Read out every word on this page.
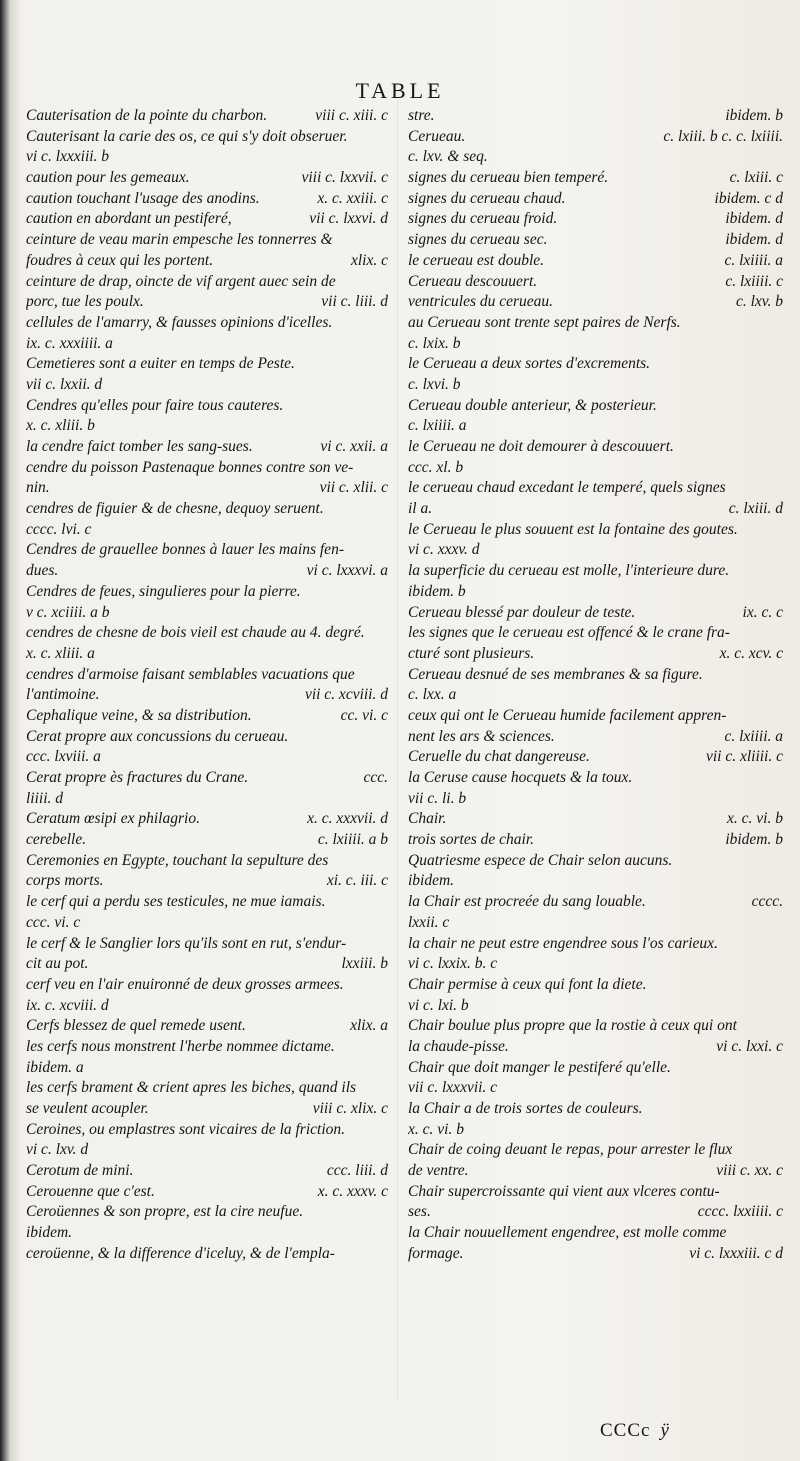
TABLE
Cauterisation de la pointe du charbon.	viii c. xiii. c
Cauterisant la carie des os, ce qui s'y doit obseruer.
vi c. lxxxiii. b
caution pour les gemeaux.	viii c. lxxvii. c
caution touchant l'usage des anodins.	x. c. xxiii. c
caution en abordant un pestiferé,	vii c. lxxvi. d
ceinture de veau marin empesche les tonnerres &
foudres à ceux qui les portent.	xlix. c
ceinture de drap, oincte de vif argent auec sein de
porc, tue les poulx.	vii c. liii. d
cellules de l'amarry, & fausses opinions d'icelles.
ix. c. xxxiiii. a
Cemetieres sont a euiter en temps de Peste.
vii c. lxxii. d
Cendres qu'elles pour faire tous cauteres.
x. c. xliii. b
la cendre faict tomber les sang-sues.	vi c. xxii. a
cendre du poisson Pastenaque bonnes contre son ve-
nin.	vii c. xlii. c
cendres de figuier & de chesne, dequoy seruent.
cccc. lvi. c
Cendres de grauellee bonnes à lauer les mains fen-
dues.	vi c. lxxxvi. a
Cendres de feues, singulieres pour la pierre.
v c. xciiii. a b
cendres de chesne de bois vieil est chaude au 4. degré.
x. c. xliii. a
cendres d'armoise faisant semblables vacuations que
l'antimoine.	vii c. xcviii. d
Cephalique veine, & sa distribution.	cc. vi. c
Cerat propre aux concussions du cerueau.
ccc. lxviii. a
Cerat propre ès fractures du Crane.	ccc.
liiii. d
Ceratum œsipi ex philagrio.	x. c. xxxvii. d
cerebelle.	c. lxiiii. a b
Ceremonies en Egypte, touchant la sepulture des
corps morts.	xi. c. iii. c
le cerf qui a perdu ses testicules, ne mue iamais.
ccc. vi. c
le cerf & le Sanglier lors qu'ils sont en rut, s'endur-
cit au pot.	lxxiii. b
cerf veu en l'air enuironné de deux grosses armees.
ix. c. xcviii. d
Cerfs blessez de quel remede usent.	xlix. a
les cerfs nous monstrent l'herbe nommee dictame.
ibidem. a
les cerfs brament & crient apres les biches, quand ils
se veulent acoupler.	viii c. xlix. c
Ceroines, ou emplastres sont vicaires de la friction.
vi c. lxv. d
Cerotum de mini.	ccc. liii. d
Cerouenne que c'est.	x. c. xxxv. c
Ceroüennes & son propre, est la cire neufue.
ibidem.
ceroüenne, & la difference d'iceluy, & de l'empla-
stre.	ibidem. b
Cerueau.	c. lxiii. b c. c. lxiiii.
c. lxv. & seq.
signes du cerueau bien temperé.	c. lxiii. c
signes du cerueau chaud.	ibidem. c d
signes du cerueau froid.	ibidem. d
signes du cerueau sec.	ibidem. d
le cerueau est double.	c. lxiiii. a
Cerueau descouuert.	c. lxiiii. c
ventricules du cerueau.	c. lxv. b
au Cerueau sont trente sept paires de Nerfs.
c. lxix. b
le Cerueau a deux sortes d'excrements.
c. lxvi. b
Cerueau double anterieur, & posterieur.
c. lxiiii. a
le Cerueau ne doit demourer à descouuert.
ccc. xl. b
le cerueau chaud excedant le temperé, quels signes
il a.	c. lxiii. d
le Cerueau le plus souuent est la fontaine des goutes.
vi c. xxxv. d
la superficie du cerueau est molle, l'interieure dure.
ibidem. b
Cerueau blessé par douleur de teste.	ix. c. c
les signes que le cerueau est offencé & le crane fra-
cturé sont plusieurs.	x. c. xcv. c
Cerueau desnué de ses membranes & sa figure.
c. lxx. a
ceux qui ont le Cerueau humide facilement appren-
nent les ars & sciences.	c. lxiiii. a
Ceruelle du chat dangereuse.	vii c. xliiii. c
la Ceruse cause hocquets & la toux.
vii c. li. b
Chair.	x. c. vi. b
trois sortes de chair.	ibidem. b
Quatriesme espece de Chair selon aucuns.
ibidem.
la Chair est procreée du sang louable.	cccc.
lxxii. c
la chair ne peut estre engendree sous l'os carieux.
vi c. lxxix. b. c
Chair permise à ceux qui font la diete.
vi c. lxi. b
Chair boulue plus propre que la rostie à ceux qui ont
la chaude-pisse.	vi c. lxxi. c
Chair que doit manger le pestiferé qu'elle.
vii c. lxxxvii. c
la Chair a de trois sortes de couleurs.
x. c. vi. b
Chair de coing deuant le repas, pour arrester le flux
de ventre.	viii c. xx. c
Chair supercroissante qui vient aux vlceres contu-
ses.	cccc. lxxiiii. c
la Chair nouuellement engendree, est molle comme
formage.	vi c. lxxxiii. c d
CCCc ÿ
